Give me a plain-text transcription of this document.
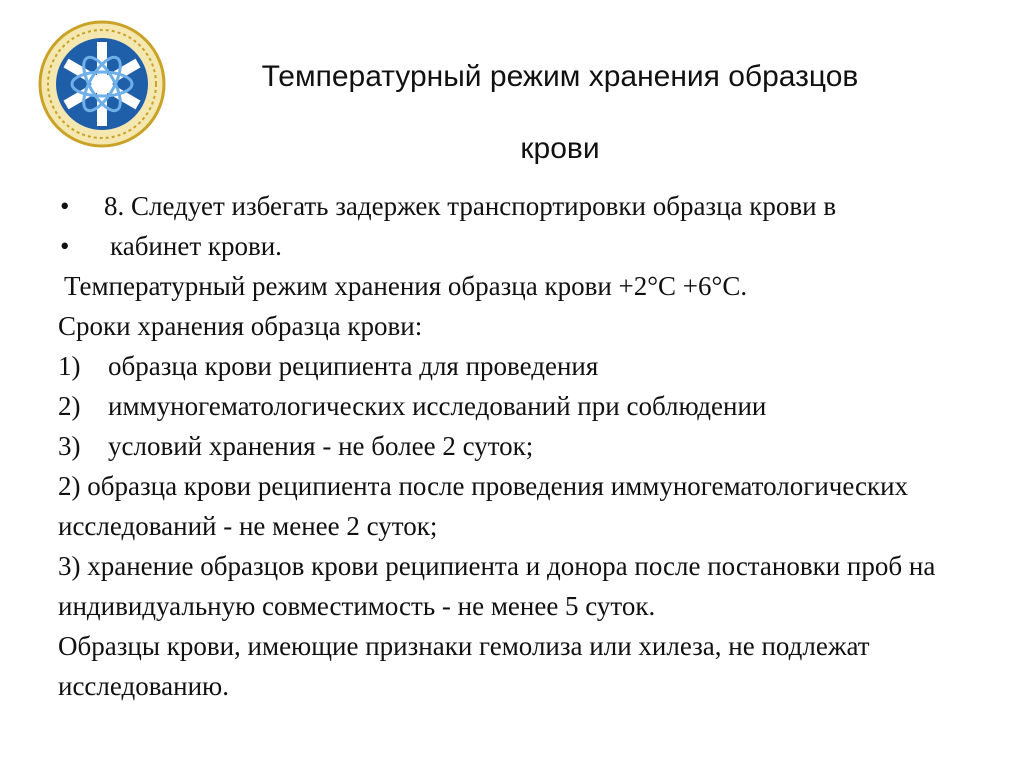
Температурный режим хранения образцов
крови
• 8. Следует избегать задержек транспортировки образца крови в
• кабинет крови.
Температурный режим хранения образца крови +2°С +6°С.
Сроки хранения образца крови:
1)	образца крови реципиента для проведения
2)	иммуногематологических исследований при соблюдении
3)	условий хранения - не более 2 суток;
2) образца крови реципиента после проведения иммуногематологических исследований - не менее 2 суток;
3) хранение образцов крови реципиента и донора после постановки проб на индивидуальную совместимость - не менее 5 суток.
Образцы крови, имеющие признаки гемолиза или хилеза, не подлежат исследованию.
